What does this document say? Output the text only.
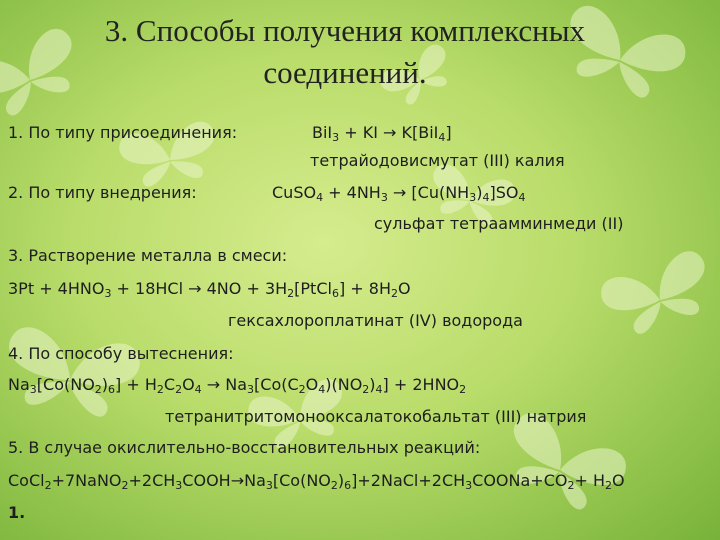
3. Способы получения комплексных
соединений.
1. По типу присоединения:	BiI$_3$ + KI → K[BiI$_4$]
тетрайодовисмутат (III) калия
2. По типу внедрения:	CuSO$_4$ + $4NH_3 \to [Cu(NH_3)_4]SO_4$
сульфат тетраамминмеди (II)
3. Растворение металла в смеси:
$3Pt + 4HNO_3 + 18HCl \to 4NO$ + $3H_2[PtCl_6] + 8H_2O$
гексахлороплатинат (IV) водорода
4. По способу вытеснения:
$Na_3[Co(NO_2)_6] + H_2C_2O_4 \to Na_3[Co(C_2O_4)(NO_2)_4] + 2HNO_2$
тетранитритомонооксалатокобальтат (III) натрия
5. В случае окислительно-восстановительных реакций:
$CoCl_2+7NaNO_2+2CH_3COOH\to Na_3[Co(NO_2)_6]+2NaCl+2CH_3COONa+CO_2+ H_2O$
1.
